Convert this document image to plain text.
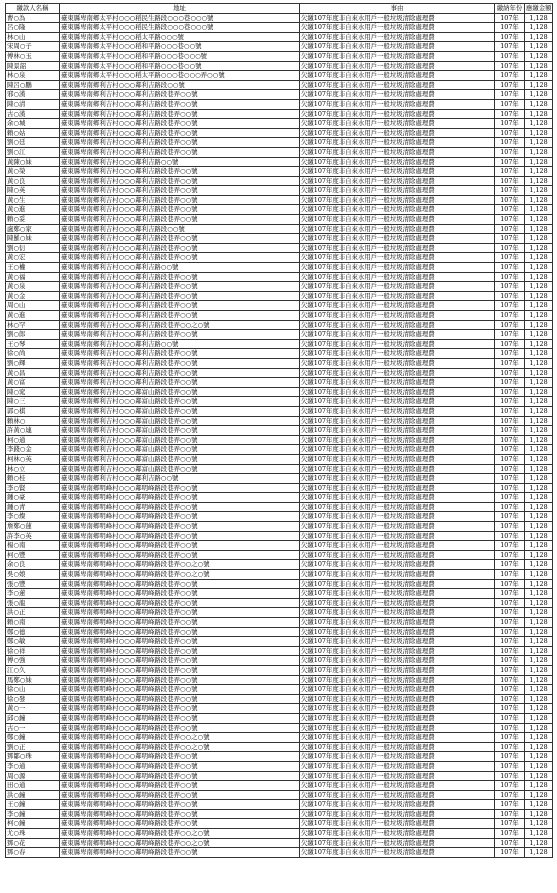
繳款人名稱	地址	事由	繳納年份	應繳金額
曹○為	臺東縣卑南鄉太平村○○○稻民生路段○○○巷○○○號	欠繳107年度非自來水用戶一般垃圾清除處理費	107年	1,128
呂○隆	臺東縣卑南鄉太平村○○○稻民生路段○○○巷○○○號	欠繳107年度非自來水用戶一般垃圾清除處理費	107年	1,128
林○山	臺東縣卑南鄉太平村○○○稻太平路○○○號	欠繳107年度非自來水用戶一般垃圾清除處理費	107年	1,128
宋周○子	臺東縣卑南鄉太平村○○○稻和平路○○○巷○○號	欠繳107年度非自來水用戶一般垃圾清除處理費	107年	1,128
傅林○玉	臺東縣卑南鄉太平村○○○稻和平路○○○巷○○○號	欠繳107年度非自來水用戶一般垃圾清除處理費	107年	1,128
陳景韶	臺東縣卑南鄉太平村○○○稻和平路○○○巷○○號	欠繳107年度非自來水用戶一般垃圾清除處理費	107年	1,128
林○泉	臺東縣卑南鄉太平村○○○稻太平路○○○巷○○○弄○○號	欠繳107年度非自來水用戶一般垃圾清除處理費	107年	1,128
陳呂○鵬	臺東縣卑南鄉利吉村○○○鄰利吉路段○○號	欠繳107年度非自來水用戶一般垃圾清除處理費	107年	1,128
邪○漢	臺東縣卑南鄉利吉村○○○鄰利吉路段巷弄○○號	欠繳107年度非自來水用戶一般垃圾清除處理費	107年	1,128
陳○清	臺東縣卑南鄉利吉村○○○鄰利吉路段巷弄○○號	欠繳107年度非自來水用戶一般垃圾清除處理費	107年	1,128
古○漢	臺東縣卑南鄉利吉村○○○鄰利吉路段巷弄○○號	欠繳107年度非自來水用戶一般垃圾清除處理費	107年	1,128
余○城	臺東縣卑南鄉利吉村○○○鄰利吉路段巷弄○○號	欠繳107年度非自來水用戶一般垃圾清除處理費	107年	1,128
賴○姑	臺東縣卑南鄉利吉村○○○鄰利吉路段巷弄○○號	欠繳107年度非自來水用戶一般垃圾清除處理費	107年	1,128
劉○廷	臺東縣卑南鄉利吉村○○○鄰利吉路段巷弄○○號	欠繳107年度非自來水用戶一般垃圾清除處理費	107年	1,128
劉○江	臺東縣卑南鄉利吉村○○○鄰利吉路段巷弄○○號	欠繳107年度非自來水用戶一般垃圾清除處理費	107年	1,128
黃陳○妹	臺東縣卑南鄉利吉村○○○鄰利吉路○○號	欠繳107年度非自來水用戶一般垃圾清除處理費	107年	1,128
黃○榮	臺東縣卑南鄉利吉村○○○鄰利吉路段巷弄○○號	欠繳107年度非自來水用戶一般垃圾清除處理費	107年	1,128
黃○良	臺東縣卑南鄉利吉村○○○鄰利吉路段巷弄○○號	欠繳107年度非自來水用戶一般垃圾清除處理費	107年	1,128
陳○英	臺東縣卑南鄉利吉村○○○鄰利吉路段巷弄○○號	欠繳107年度非自來水用戶一般垃圾清除處理費	107年	1,128
黃○生	臺東縣卑南鄉利吉村○○○鄰利吉路段巷弄○○號	欠繳107年度非自來水用戶一般垃圾清除處理費	107年	1,128
黃○進	臺東縣卑南鄉利吉村○○○鄰利吉路段巷弄○○號	欠繳107年度非自來水用戶一般垃圾清除處理費	107年	1,128
賴○妥	臺東縣卑南鄉利吉村○○○鄰利吉路段巷弄○○號	欠繳107年度非自來水用戶一般垃圾清除處理費	107年	1,128
盧鄭○家	臺東縣卑南鄉利吉村○○○鄰利吉路段○○號	欠繳107年度非自來水用戶一般垃圾清除處理費	107年	1,128
陳羅○妹	臺東縣卑南鄉利吉村○○○鄰利吉路段巷弄○○號	欠繳107年度非自來水用戶一般垃圾清除處理費	107年	1,128
劉○衍	臺東縣卑南鄉利吉村○○○鄰利吉路段巷弄○○號	欠繳107年度非自來水用戶一般垃圾清除處理費	107年	1,128
黃○宏	臺東縣卑南鄉利吉村○○○鄰利吉路段巷弄○○號	欠繳107年度非自來水用戶一般垃圾清除處理費	107年	1,128
王○權	臺東縣卑南鄉利吉村○○○鄰利吉路○○號	欠繳107年度非自來水用戶一般垃圾清除處理費	107年	1,128
黃○福	臺東縣卑南鄉利吉村○○○鄰利吉路段巷弄○○號	欠繳107年度非自來水用戶一般垃圾清除處理費	107年	1,128
黃○泉	臺東縣卑南鄉利吉村○○○鄰利吉路段巷弄○○號	欠繳107年度非自來水用戶一般垃圾清除處理費	107年	1,128
黃○金	臺東縣卑南鄉利吉村○○○鄰利吉路段巷弄○○號	欠繳107年度非自來水用戶一般垃圾清除處理費	107年	1,128
周○山	臺東縣卑南鄉利吉村○○○鄰利吉路段巷弄○○號	欠繳107年度非自來水用戶一般垃圾清除處理費	107年	1,128
黃○進	臺東縣卑南鄉利吉村○○○鄰利吉路段巷弄○○號	欠繳107年度非自來水用戶一般垃圾清除處理費	107年	1,128
林○罕	臺東縣卑南鄉利吉村○○○鄰利吉路段巷弄○○之○號	欠繳107年度非自來水用戶一般垃圾清除處理費	107年	1,128
劉○郎	臺東縣卑南鄉利吉村○○○鄰利吉路段巷弄○○號	欠繳107年度非自來水用戶一般垃圾清除處理費	107年	1,128
王○琴	臺東縣卑南鄉利吉村○○○鄰利吉路○○號	欠繳107年度非自來水用戶一般垃圾清除處理費	107年	1,128
徐○尚	臺東縣卑南鄉利吉村○○○鄰利吉路段巷弄○○號	欠繳107年度非自來水用戶一般垃圾清除處理費	107年	1,128
劉○輝	臺東縣卑南鄉利吉村○○○鄰利吉路段巷弄○○號	欠繳107年度非自來水用戶一般垃圾清除處理費	107年	1,128
黃○昌	臺東縣卑南鄉利吉村○○○鄰利吉路段巷弄○○號	欠繳107年度非自來水用戶一般垃圾清除處理費	107年	1,128
黃○富	臺東縣卑南鄉利吉村○○○鄰利吉路段巷弄○○號	欠繳107年度非自來水用戶一般垃圾清除處理費	107年	1,128
陳○窕	臺東縣卑南鄉利吉村○○○鄰富山路段巷弄○○號	欠繳107年度非自來水用戶一般垃圾清除處理費	107年	1,128
陳○三	臺東縣卑南鄉利吉村○○○鄰富山路段巷弄○○號	欠繳107年度非自來水用戶一般垃圾清除處理費	107年	1,128
郭○棋	臺東縣卑南鄉利吉村○○○鄰富山路段巷弄○○號	欠繳107年度非自來水用戶一般垃圾清除處理費	107年	1,128
賴林○	臺東縣卑南鄉利吉村○○○鄰富山路段巷弄○○號	欠繳107年度非自來水用戶一般垃圾清除處理費	107年	1,128
許黃○連	臺東縣卑南鄉利吉村○○○鄰富山路段巷弄○○號	欠繳107年度非自來水用戶一般垃圾清除處理費	107年	1,128
柯○通	臺東縣卑南鄉利吉村○○○鄰富山路段巷弄○○號	欠繳107年度非自來水用戶一般垃圾清除處理費	107年	1,128
李錢○金	臺東縣卑南鄉利吉村○○○鄰富山路段巷弄○○號	欠繳107年度非自來水用戶一般垃圾清除處理費	107年	1,128
柯林○英	臺東縣卑南鄉利吉村○○○鄰富山路段巷弄○○號	欠繳107年度非自來水用戶一般垃圾清除處理費	107年	1,128
林○立	臺東縣卑南鄉利吉村○○○鄰富山路段巷弄○○號	欠繳107年度非自來水用戶一般垃圾清除處理費	107年	1,128
賴○桂	臺東縣卑南鄉利吉村○○○鄰利吉路○○號	欠繳107年度非自來水用戶一般垃圾清除處理費	107年	1,128
李○賢	臺東縣卑南鄉明峰村○○○鄰明峰路段巷弄○○號	欠繳107年度非自來水用戶一般垃圾清除處理費	107年	1,128
鍾○豪	臺東縣卑南鄉明峰村○○○鄰明峰路段巷弄○○號	欠繳107年度非自來水用戶一般垃圾清除處理費	107年	1,128
鍾○青	臺東縣卑南鄉明峰村○○○鄰明峰路段巷弄○○號	欠繳107年度非自來水用戶一般垃圾清除處理費	107年	1,128
李○燦	臺東縣卑南鄉明峰村○○○鄰明峰路段巷弄○○號	欠繳107年度非自來水用戶一般垃圾清除處理費	107年	1,128
詹鄭○蓮	臺東縣卑南鄉明峰村○○○鄰明峰路段巷弄○○號	欠繳107年度非自來水用戶一般垃圾清除處理費	107年	1,128
許李○英	臺東縣卑南鄉明峰村○○○鄰明峰路段巷弄○○號	欠繳107年度非自來水用戶一般垃圾清除處理費	107年	1,128
楊○南	臺東縣卑南鄉明峰村○○○鄰明峰路段巷弄○○號	欠繳107年度非自來水用戶一般垃圾清除處理費	107年	1,128
柯○豐	臺東縣卑南鄉明峰村○○○鄰明峰路段巷弄○○號	欠繳107年度非自來水用戶一般垃圾清除處理費	107年	1,128
余○良	臺東縣卑南鄉明峰村○○○鄰明峰路段巷弄○○之○號	欠繳107年度非自來水用戶一般垃圾清除處理費	107年	1,128
吳○娘	臺東縣卑南鄉明峰村○○○鄰明峰路段巷弄○○之○號	欠繳107年度非自來水用戶一般垃圾清除處理費	107年	1,128
張○豐	臺東縣卑南鄉明峰村○○○鄰明峰路段巷弄○○號	欠繳107年度非自來水用戶一般垃圾清除處理費	107年	1,128
李○蓮	臺東縣卑南鄉明峰村○○○鄰明峰路段巷弄○○號	欠繳107年度非自來水用戶一般垃圾清除處理費	107年	1,128
張○龍	臺東縣卑南鄉明峰村○○○鄰明峰路段巷弄○○號	欠繳107年度非自來水用戶一般垃圾清除處理費	107年	1,128
洪○正	臺東縣卑南鄉明峰村○○○鄰明峰路段巷弄○○號	欠繳107年度非自來水用戶一般垃圾清除處理費	107年	1,128
賴○南	臺東縣卑南鄉明峰村○○○鄰明峰路段巷弄○○號	欠繳107年度非自來水用戶一般垃圾清除處理費	107年	1,128
鄭○德	臺東縣卑南鄉明峰村○○○鄰明峰路段巷弄○○號	欠繳107年度非自來水用戶一般垃圾清除處理費	107年	1,128
鄭○敏	臺東縣卑南鄉明峰村○○○鄰明峰路段巷弄○○號	欠繳107年度非自來水用戶一般垃圾清除處理費	107年	1,128
徐○祥	臺東縣卑南鄉明峰村○○○鄰明峰路段巷弄○○號	欠繳107年度非自來水用戶一般垃圾清除處理費	107年	1,128
傅○強	臺東縣卑南鄉明峰村○○○鄰明峰路段巷弄○○號	欠繳107年度非自來水用戶一般垃圾清除處理費	107年	1,128
江○久	臺東縣卑南鄉明峰村○○○鄰明峰路段巷弄○○號	欠繳107年度非自來水用戶一般垃圾清除處理費	107年	1,128
馬鄭○妹	臺東縣卑南鄉明峰村○○○鄰明峰路段巷弄○○號	欠繳107年度非自來水用戶一般垃圾清除處理費	107年	1,128
徐○山	臺東縣卑南鄉明峰村○○○鄰明峰路段巷弄○○號	欠繳107年度非自來水用戶一般垃圾清除處理費	107年	1,128
徐○發	臺東縣卑南鄉明峰村○○○鄰明峰路段巷弄○○號	欠繳107年度非自來水用戶一般垃圾清除處理費	107年	1,128
黃○一	臺東縣卑南鄉明峰村○○○鄰明峰路段巷弄○○號	欠繳107年度非自來水用戶一般垃圾清除處理費	107年	1,128
邱○鐘	臺東縣卑南鄉明峰村○○○鄰明峰路段巷弄○○號	欠繳107年度非自來水用戶一般垃圾清除處理費	107年	1,128
古○一	臺東縣卑南鄉明峰村○○○鄰明峰路段巷弄○○號	欠繳107年度非自來水用戶一般垃圾清除處理費	107年	1,128
鄭○鐘	臺東縣卑南鄉明峰村○○○鄰明峰路段巷弄○○之○號	欠繳107年度非自來水用戶一般垃圾清除處理費	107年	1,128
劉○正	臺東縣卑南鄉明峰村○○○鄰明峰路段巷弄○○之○號	欠繳107年度非自來水用戶一般垃圾清除處理費	107年	1,128
鄧鄒○珠	臺東縣卑南鄉明峰村○○○鄰明峰路段巷弄○○號	欠繳107年度非自來水用戶一般垃圾清除處理費	107年	1,128
李○通	臺東縣卑南鄉明峰村○○○鄰明峰路段巷弄○○號	欠繳107年度非自來水用戶一般垃圾清除處理費	107年	1,128
周○源	臺東縣卑南鄉明峰村○○○鄰明峰路段巷弄○○號	欠繳107年度非自來水用戶一般垃圾清除處理費	107年	1,128
田○通	臺東縣卑南鄉明峰村○○○鄰明峰路段巷弄○○號	欠繳107年度非自來水用戶一般垃圾清除處理費	107年	1,128
洪○鐘	臺東縣卑南鄉明峰村○○○鄰明峰路段巷弄○○號	欠繳107年度非自來水用戶一般垃圾清除處理費	107年	1,128
王○鐘	臺東縣卑南鄉明峰村○○○鄰明峰路段巷弄○○號	欠繳107年度非自來水用戶一般垃圾清除處理費	107年	1,128
李○鐘	臺東縣卑南鄉明峰村○○○鄰明峰路段巷弄○○號	欠繳107年度非自來水用戶一般垃圾清除處理費	107年	1,128
柯○鐘	臺東縣卑南鄉明峰村○○○鄰明峰路段巷弄○○號	欠繳107年度非自來水用戶一般垃圾清除處理費	107年	1,128
尤○珠	臺東縣卑南鄉明峰村○○○鄰明峰路段巷弄○○之○號	欠繳107年度非自來水用戶一般垃圾清除處理費	107年	1,128
鄧○花	臺東縣卑南鄉明峰村○○○鄰明峰路段巷弄○○之○號	欠繳107年度非自來水用戶一般垃圾清除處理費	107年	1,128
鄧○春	臺東縣卑南鄉明峰村○○○鄰明峰路段巷弄○○號	欠繳107年度非自來水用戶一般垃圾清除處理費	107年	1,128
